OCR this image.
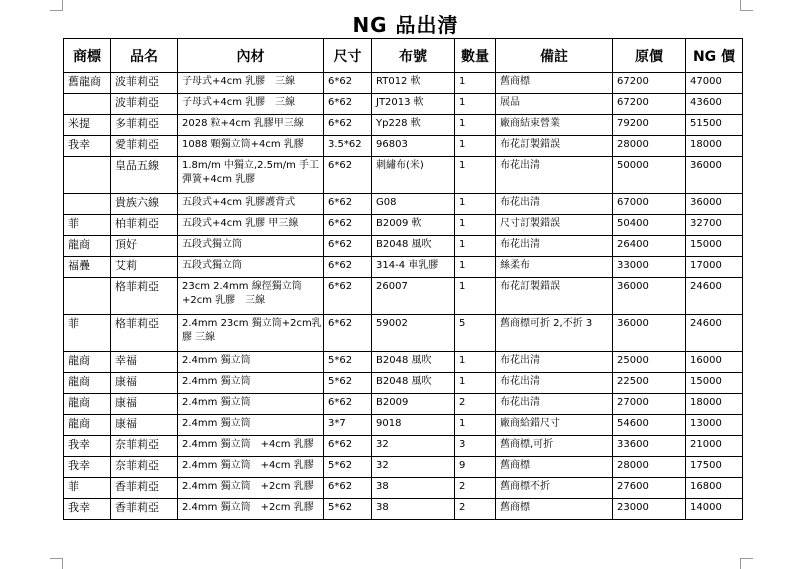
NG 品出清
商標	品名	內材	尺寸	布號	數量	備註	原價	NG 價
舊龍商	波菲莉亞	子母式+4cm 乳膠　三線	6*62	RT012 軟	1	舊商標	67200	47000
	波菲莉亞	子母式+4cm 乳膠　三線	6*62	JT2013 軟	1	展品	67200	43600
米提	多菲莉亞	2028 粒+4cm 乳膠甲三線	6*62	Yp228 軟	1	廠商結束營業	79200	51500
我幸	愛菲莉亞	1088 顆獨立筒+4cm 乳膠	3.5*62	96803	1	布花訂製錯誤	28000	18000
	皇品五線	1.8m/m 中獨立,2.5m/m 手工彈簧+4cm 乳膠	6*62	刺繡布(米)	1	布花出清	50000	36000
	貴族六線	五段式+4cm 乳膠護背式	6*62	G08	1	布花出清	67000	36000
菲	柏菲莉亞	五段式+4cm 乳膠 甲三線	6*62	B2009 軟	1	尺寸訂製錯誤	50400	32700
龍商	頂好	五段式獨立筒	6*62	B2048 風吹	1	布花出清	26400	15000
福疊	艾莉	五段式獨立筒	6*62	314-4 車乳膠	1	絲柔布	33000	17000
	格菲莉亞	23cm 2.4mm 線徑獨立筒+2cm 乳膠　三線	6*62	26007	1	布花訂製錯誤	36000	24600
菲	格菲莉亞	2.4mm 23cm 獨立筒+2cm乳膠 三線	6*62	59002	5	舊商標可折 2,不折 3	36000	24600
龍商	幸福	2.4mm 獨立筒	5*62	B2048 風吹	1	布花出清	25000	16000
龍商	康福	2.4mm 獨立筒	5*62	B2048 風吹	1	布花出清	22500	15000
龍商	康福	2.4mm 獨立筒	6*62	B2009	2	布花出清	27000	18000
龍商	康福	2.4mm 獨立筒	3*7	9018	1	廠商給錯尺寸	54600	13000
我幸	奈菲莉亞	2.4mm 獨立筒　+4cm 乳膠	6*62	32	3	舊商標,可折	33600	21000
我幸	奈菲莉亞	2.4mm 獨立筒　+4cm 乳膠	5*62	32	9	舊商標	28000	17500
菲	香菲莉亞	2.4mm 獨立筒　+2cm 乳膠	6*62	38	2	舊商標不折	27600	16800
我幸	香菲莉亞	2.4mm 獨立筒　+2cm 乳膠	5*62	38	2	舊商標	23000	14000
